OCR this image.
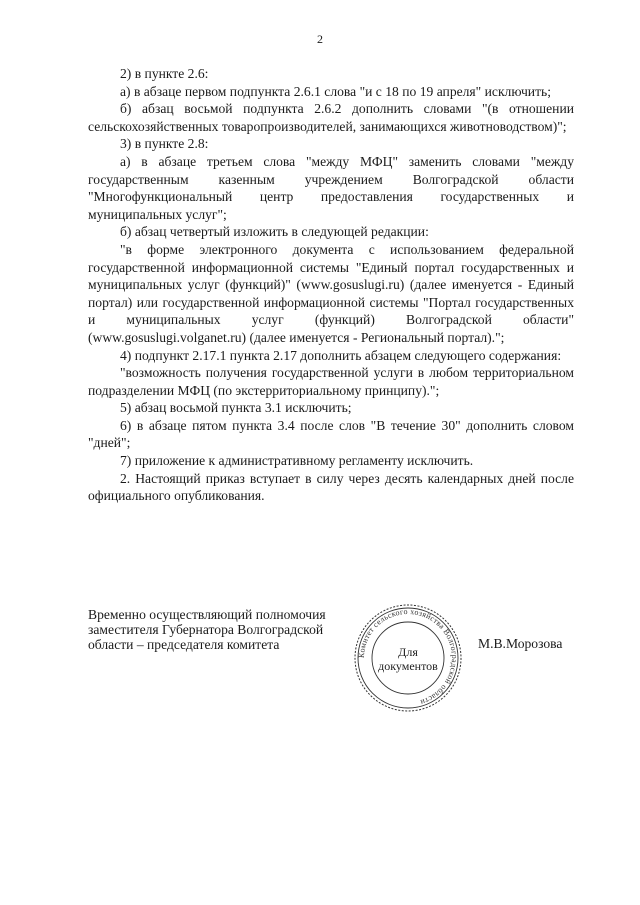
2

2) в пункте 2.6:

а) в абзаце первом подпункта 2.6.1 слова "и с 18 по 19 апреля" исключить;

б) абзац восьмой подпункта 2.6.2 дополнить словами "(в отношении сельскохозяйственных товаропроизводителей, занимающихся животноводством)";

3) в пункте 2.8:

а) в абзаце третьем слова "между МФЦ" заменить словами "между государственным казенным учреждением Волгоградской области "Многофункциональный центр предоставления государственных и муниципальных услуг";

б) абзац четвертый изложить в следующей редакции:

"в форме электронного документа с использованием федеральной государственной информационной системы "Единый портал государственных и муниципальных услуг (функций)" (www.gosuslugi.ru) (далее именуется - Единый портал) или государственной информационной системы "Портал государственных и муниципальных услуг (функций) Волгоградской области" (www.gosuslugi.volganet.ru) (далее именуется - Региональный портал).";

4) подпункт 2.17.1 пункта 2.17 дополнить абзацем следующего содержания:

"возможность получения государственной услуги в любом территориальном подразделении МФЦ (по экстерриториальному принципу).";

5) абзац восьмой пункта 3.1 исключить;

6) в абзаце пятом пункта 3.4 после слов "В течение 30" дополнить словом "дней";

7) приложение к административному регламенту исключить.

2. Настоящий приказ вступает в силу через десять календарных дней после официального опубликования.

Временно осуществляющий полномочия
заместителя Губернатора Волгоградской
области – председателя комитета	М.В.Морозова
Комитет сельского хозяйства Волгоградской области
Для
документов
